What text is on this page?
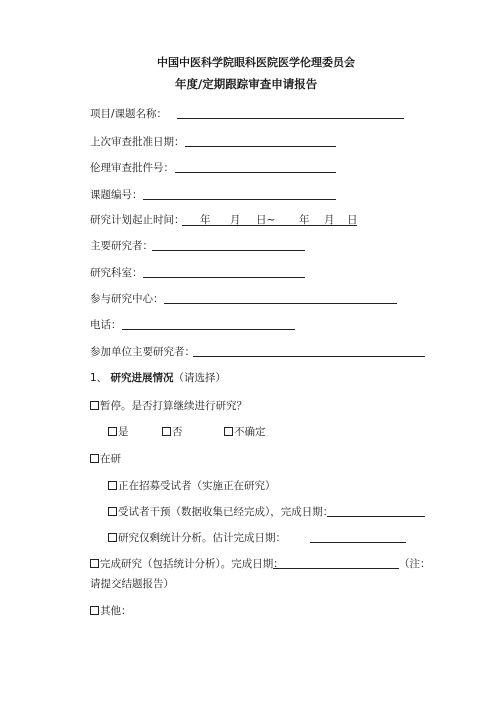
中国中医科学院眼科医院医学伦理委员会
年度/定期跟踪审查申请报告
项目/课题名称：
上次审查批准日期：
伦理审查批件号：
课题编号：
研究计划起止时间： 年 月 日~ 年 月 日
主要研究者：
研究科室：
参与研究中心：
电话：
参加单位主要研究者：
1、 研究进展情况（请选择）
暂停。是否打算继续进行研究？
是	否	不确定
在研
正在招募受试者（实施正在研究）
受试者干预（数据收集已经完成），完成日期：
研究仅剩统计分析。估计完成日期：
完成研究（包括统计分析）。完成日期：	（注：
请提交结题报告）
其他：
